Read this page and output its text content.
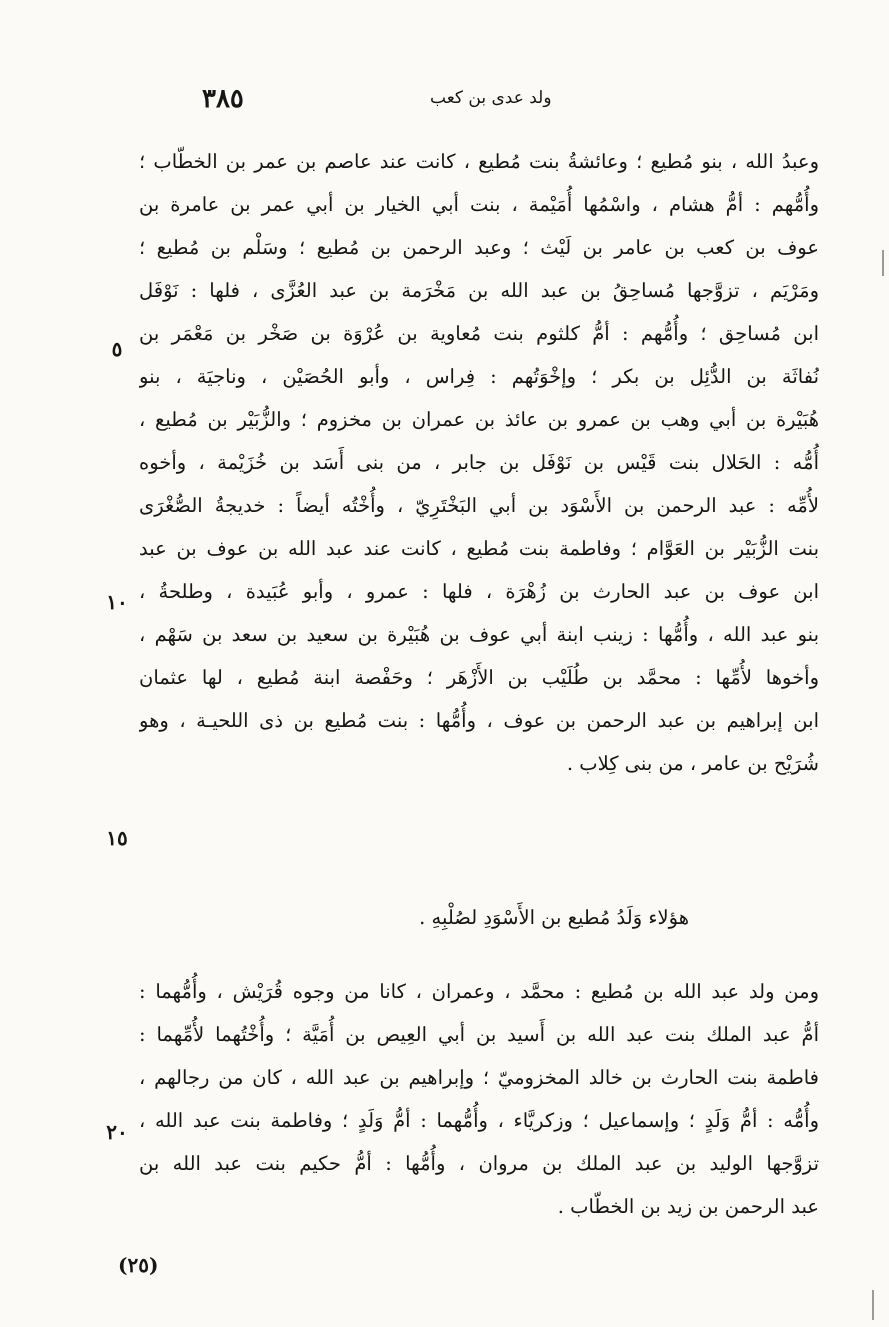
٣٨٥	ولد عدى بن كعب
وعبدُ الله ، بنو مُطيع ؛ وعائشةُ بنت مُطيع ، كانت عند عاصم بن عمر بن الخطّاب ؛
وأُمُّهم : أمُّ هشام ، واسْمُها أُمَيْمة ، بنت أبي الخيار بن أبي عمر بن عامرة بن
عوف بن كعب بن عامر بن لَيْث ؛ وعبد الرحمن بن مُطيع ؛ وسَلْم بن مُطيع ؛
ومَرْيَم ، تزوَّجها مُساحِقُ بن عبد الله بن مَخْرَمة بن عبد العُزَّى ، فلها : نَوْفَل
ابن مُساحِق ؛ وأُمُّهم : أمُّ كلثوم بنت مُعاوية بن عُرْوَة بن صَخْر بن مَعْمَر بن
نُفاثَة بن الدُّئِل بن بكر ؛ وإخْوَتُهم : فِراس ، وأبو الحُصَيْن ، وناجيَة ، بنو
هُبَيْرة بن أبي وهب بن عمرو بن عائذ بن عمران بن مخزوم ؛ والزُّبَيْر بن مُطيع ،
أُمُّه : الحَلال بنت قَيْس بن نَوْفَل بن جابر ، من بنى أَسَد بن خُزَيْمة ، وأخوه
لأُمِّه : عبد الرحمن بن الأَسْوَد بن أبي البَخْتَرِيّ ، وأُخْتُه أيضاً : خديجةُ الصُّغْرَى
بنت الزُّبَيْر بن العَوَّام ؛ وفاطمة بنت مُطيع ، كانت عند عبد الله بن عوف بن عبد
ابن عوف بن عبد الحارث بن زُهْرَة ، فلها : عمرو ، وأبو عُبَيدة ، وطلحةُ ،
بنو عبد الله ، وأُمُّها : زينب ابنة أبي عوف بن هُبَيْرة بن سعيد بن سعد بن سَهْم ،
وأخوها لأُمِّها : محمَّد بن طُلَيْب بن الأَزْهَر ؛ وحَفْصة ابنة مُطيع ، لها عثمان
ابن إبراهيم بن عبد الرحمن بن عوف ، وأُمُّها : بنت مُطيع بن ذى اللحيـة ، وهو
شُرَيْح بن عامر ، من بنى كِلاب .
هؤلاء وَلَدُ مُطيع بن الأَسْوَدِ لصُلْبِهِ .
ومن ولد عبد الله بن مُطيع : محمَّد ، وعمران ، كانا من وجوه قُرَيْش ، وأُمُّهما :
أمُّ عبد الملك بنت عبد الله بن أَسيد بن أبي العِيص بن أُمَيَّة ؛ وأُخْتُهما لأُمِّهما :
فاطمة بنت الحارث بن خالد المخزوميّ ؛ وإبراهيم بن عبد الله ، كان من رجالهم ،
وأُمُّه : أمُّ وَلَدٍ ؛ وإسماعيل ؛ وزكريَّاء ، وأُمُّهما : أمُّ وَلَدٍ ؛ وفاطمة بنت عبد الله ،
تزوَّجها الوليد بن عبد الملك بن مروان ، وأُمُّها : أمُّ حكيم بنت عبد الله بن
عبد الرحمن بن زيد بن الخطّاب .
٥
١٠
١٥
٢٠
(٢٥)
